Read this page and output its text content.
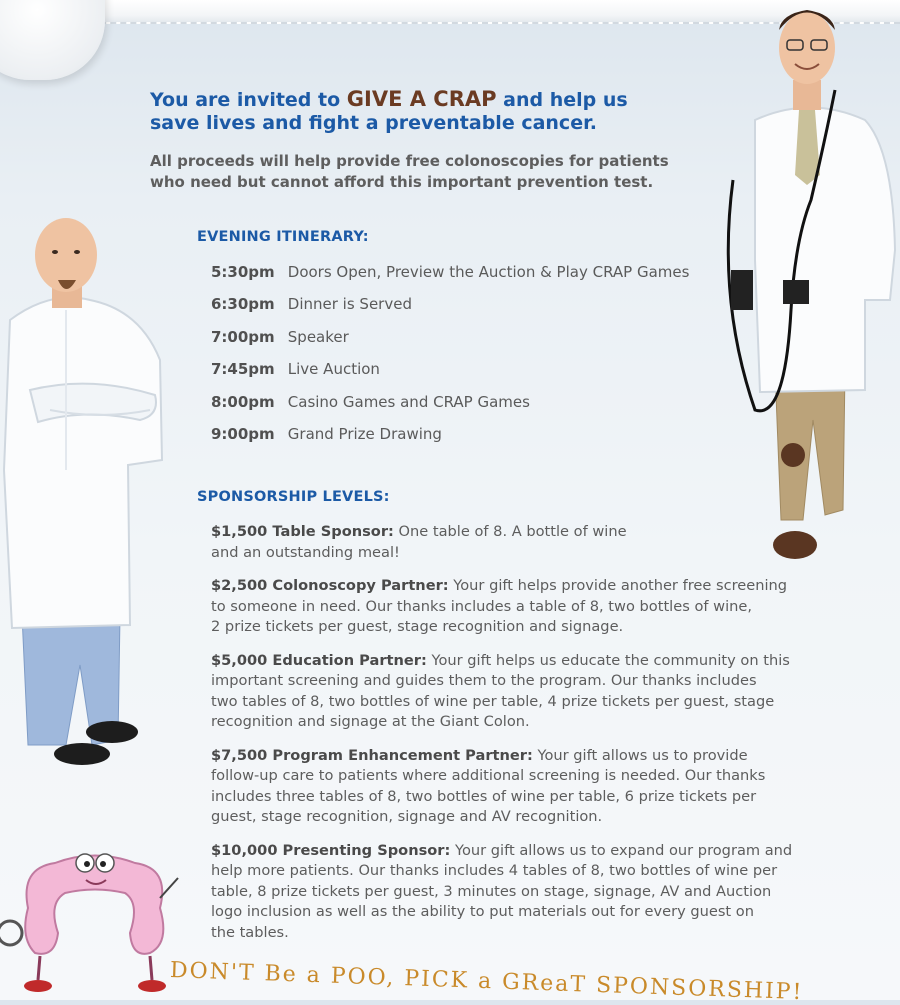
You are invited to GIVE A CRAP and help us
save lives and fight a preventable cancer.

All proceeds will help provide free colonoscopies for patients
who need but cannot afford this important prevention test.

EVENING ITINERARY:
5:30pm Doors Open, Preview the Auction & Play CRAP Games
6:30pm Dinner is Served
7:00pm Speaker
7:45pm Live Auction
8:00pm Casino Games and CRAP Games
9:00pm Grand Prize Drawing
SPONSORSHIP LEVELS:

$1,500 Table Sponsor: One table of 8. A bottle of wine
and an outstanding meal!

$2,500 Colonoscopy Partner: Your gift helps provide another free screening
to someone in need. Our thanks includes a table of 8, two bottles of wine,
2 prize tickets per guest, stage recognition and signage.

$5,000 Education Partner: Your gift helps us educate the community on this
important screening and guides them to the program. Our thanks includes
two tables of 8, two bottles of wine per table, 4 prize tickets per guest, stage
recognition and signage at the Giant Colon.

$7,500 Program Enhancement Partner: Your gift allows us to provide
follow-up care to patients where additional screening is needed. Our thanks
includes three tables of 8, two bottles of wine per table, 6 prize tickets per
guest, stage recognition, signage and AV recognition.

$10,000 Presenting Sponsor: Your gift allows us to expand our program and
help more patients. Our thanks includes 4 tables of 8, two bottles of wine per
table, 8 prize tickets per guest, 3 minutes on stage, signage, AV and Auction
logo inclusion as well as the ability to put materials out for every guest on
the tables.

DON'T Be a POO, PICK a GReaT SPONSORSHIP!
